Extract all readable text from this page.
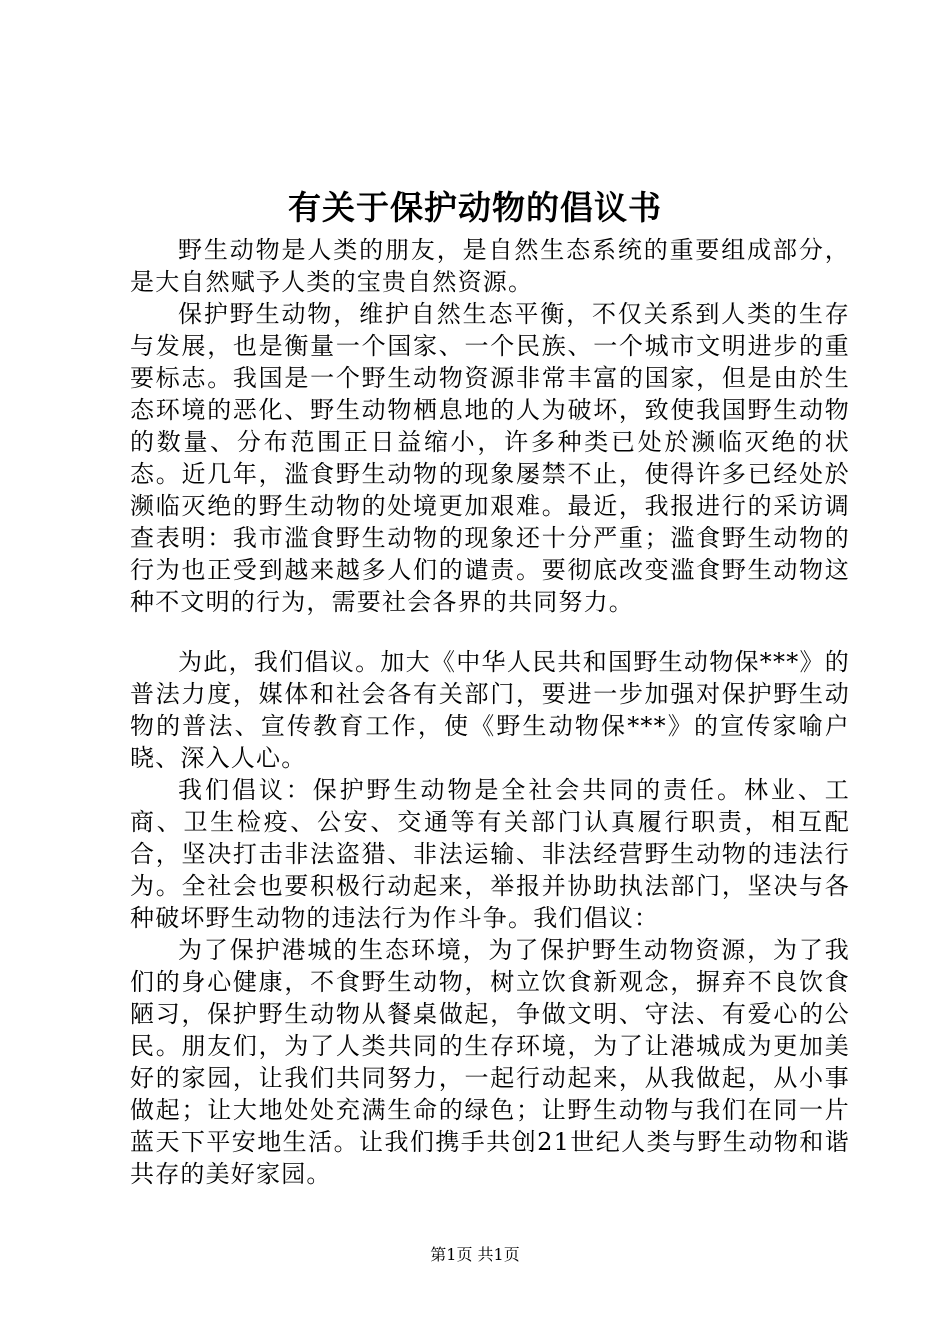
有关于保护动物的倡议书

野生动物是人类的朋友，是自然生态系统的重要组成部分，是大自然赋予人类的宝贵自然资源。

保护野生动物，维护自然生态平衡，不仅关系到人类的生存与发展，也是衡量一个国家、一个民族、一个城市文明进步的重要标志。我国是一个野生动物资源非常丰富的国家，但是由於生态环境的恶化、野生动物栖息地的人为破坏，致使我国野生动物的数量、分布范围正日益缩小，许多种类已处於濒临灭绝的状态。近几年，滥食野生动物的现象屡禁不止，使得许多已经处於濒临灭绝的野生动物的处境更加艰难。最近，我报进行的采访调查表明：我市滥食野生动物的现象还十分严重；滥食野生动物的行为也正受到越来越多人们的谴责。要彻底改变滥食野生动物这种不文明的行为，需要社会各界的共同努力。

为此，我们倡议。加大《中华人民共和国野生动物保***》的普法力度，媒体和社会各有关部门，要进一步加强对保护野生动物的普法、宣传教育工作，使《野生动物保***》的宣传家喻户晓、深入人心。

我们倡议：保护野生动物是全社会共同的责任。林业、工商、卫生检疫、公安、交通等有关部门认真履行职责，相互配合，坚决打击非法盗猎、非法运输、非法经营野生动物的违法行为。全社会也要积极行动起来，举报并协助执法部门，坚决与各种破坏野生动物的违法行为作斗争。我们倡议：

为了保护港城的生态环境，为了保护野生动物资源，为了我们的身心健康，不食野生动物，树立饮食新观念，摒弃不良饮食陋习，保护野生动物从餐桌做起，争做文明、守法、有爱心的公民。朋友们，为了人类共同的生存环境，为了让港城成为更加美好的家园，让我们共同努力，一起行动起来，从我做起，从小事做起；让大地处处充满生命的绿色；让野生动物与我们在同一片蓝天下平安地生活。让我们携手共创21世纪人类与野生动物和谐共存的美好家园。

第1页 共1页
